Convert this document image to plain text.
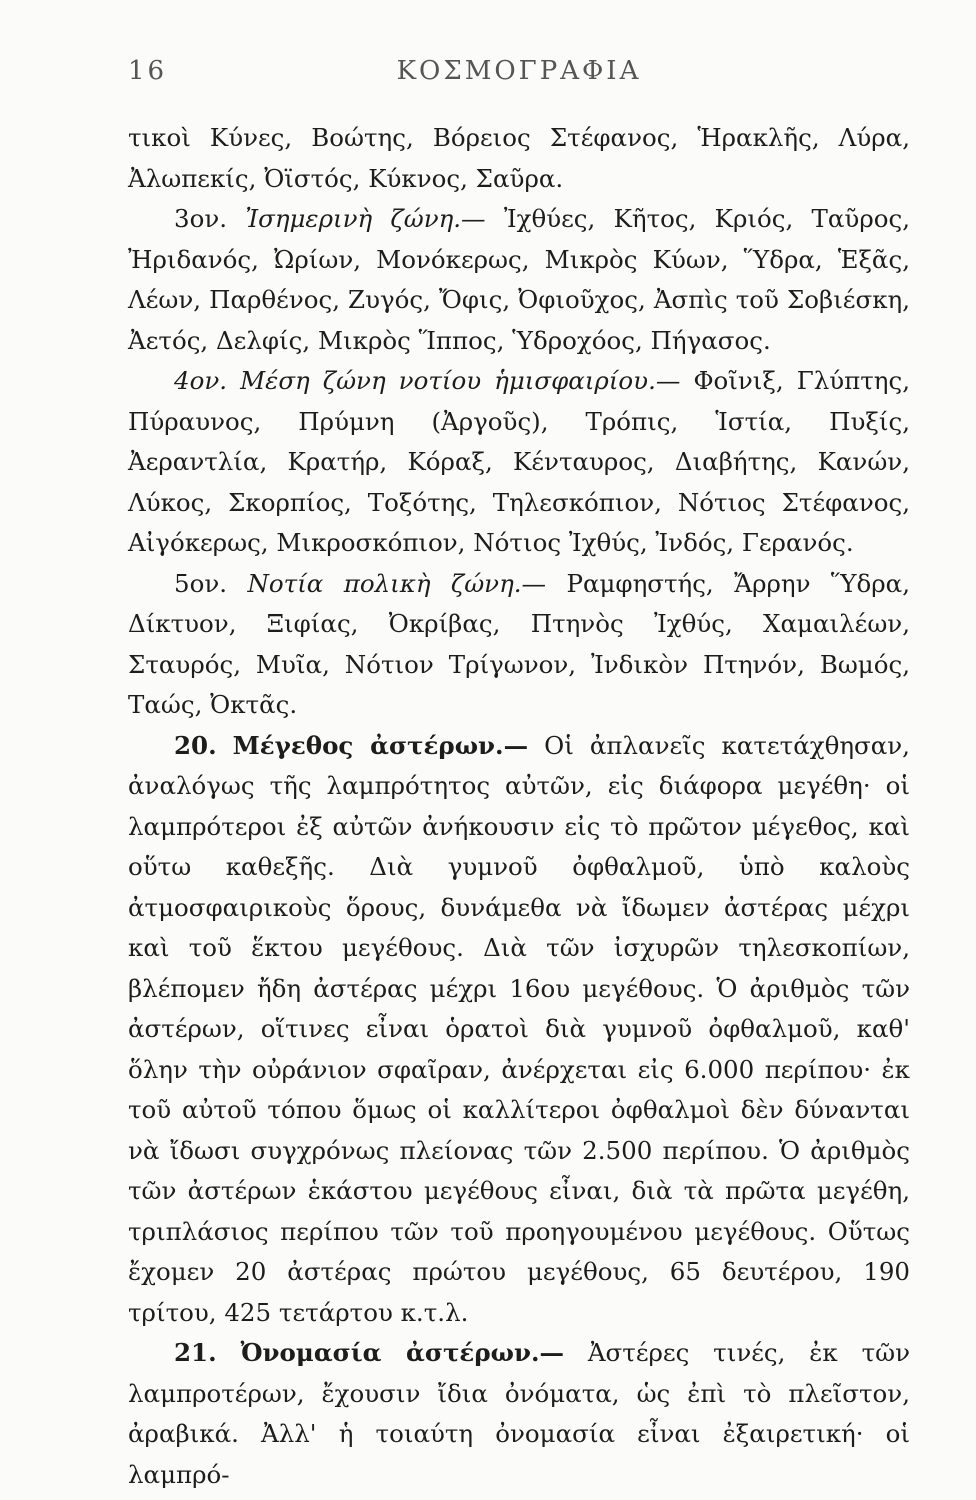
16	ΚΟΣΜΟΓΡΑΦΙΑ

τικοὶ Κύνες, Βοώτης, Βόρειος Στέφανος, Ἡρακλῆς, Λύρα, Ἀλωπεκίς, Ὀϊστός, Κύκνος, Σαῦρα.

3ον. Ἰσημερινὴ ζώνη.— Ἰχθύες, Κῆτος, Κριός, Ταῦρος, Ἠριδανός, Ὠρίων, Μονόκερως, Μικρὸς Κύων, Ὕδρα, Ἑξᾶς, Λέων, Παρθένος, Ζυγός, Ὄφις, Ὀφιοῦχος, Ἀσπὶς τοῦ Σοβιέσκη, Ἀετός, Δελφίς, Μικρὸς Ἵππος, Ὑδροχόος, Πήγασος.

4ον. Μέση ζώνη νοτίου ἡμισφαιρίου.— Φοῖνιξ, Γλύπτης, Πύραυνος, Πρύμνη (Ἀργοῦς), Τρόπις, Ἱστία, Πυξίς, Ἀεραντλία, Κρατήρ, Κόραξ, Κένταυρος, Διαβήτης, Κανών, Λύκος, Σκορπίος, Τοξότης, Τηλεσκόπιον, Νότιος Στέφανος, Αἰγόκερως, Μικροσκόπιον, Νότιος Ἰχθύς, Ἰνδός, Γερανός.

5ον. Νοτία πολικὴ ζώνη.— Ραμφηστής, Ἄρρην Ὕδρα, Δίκτυον, Ξιφίας, Ὀκρίβας, Πτηνὸς Ἰχθύς, Χαμαιλέων, Σταυρός, Μυῖα, Νότιον Τρίγωνον, Ἰνδικὸν Πτηνόν, Βωμός, Ταώς, Ὀκτᾶς.

20. Μέγεθος ἀστέρων.— Οἱ ἀπλανεῖς κατετάχθησαν, ἀναλόγως τῆς λαμπρότητος αὐτῶν, εἰς διάφορα μεγέθη· οἱ λαμπρότεροι ἐξ αὐτῶν ἀνήκουσιν εἰς τὸ πρῶτον μέγεθος, καὶ οὕτω καθεξῆς. Διὰ γυμνοῦ ὀφθαλμοῦ, ὑπὸ καλοὺς ἀτμοσφαιρικοὺς ὅρους, δυνάμεθα νὰ ἴδωμεν ἀστέρας μέχρι καὶ τοῦ ἕκτου μεγέθους. Διὰ τῶν ἰσχυρῶν τηλεσκοπίων, βλέπομεν ἤδη ἀστέρας μέχρι 16ου μεγέθους. Ὁ ἀριθμὸς τῶν ἀστέρων, οἵτινες εἶναι ὁρατοὶ διὰ γυμνοῦ ὀφθαλμοῦ, καθ' ὅλην τὴν οὐράνιον σφαῖραν, ἀνέρχεται εἰς 6.000 περίπου· ἐκ τοῦ αὐτοῦ τόπου ὅμως οἱ καλλίτεροι ὀφθαλμοὶ δὲν δύνανται νὰ ἴδωσι συγχρόνως πλείονας τῶν 2.500 περίπου. Ὁ ἀριθμὸς τῶν ἀστέρων ἑκάστου μεγέθους εἶναι, διὰ τὰ πρῶτα μεγέθη, τριπλάσιος περίπου τῶν τοῦ προηγουμένου μεγέθους. Οὕτως ἔχομεν 20 ἀστέρας πρώτου μεγέθους, 65 δευτέρου, 190 τρίτου, 425 τετάρτου κ.τ.λ.

21. Ὀνομασία ἀστέρων.— Ἀστέρες τινές, ἐκ τῶν λαμπροτέρων, ἔχουσιν ἴδια ὀνόματα, ὡς ἐπὶ τὸ πλεῖστον, ἀραβικά. Ἀλλ' ἡ τοιαύτη ὀνομασία εἶναι ἐξαιρετική· οἱ λαμπρό-
